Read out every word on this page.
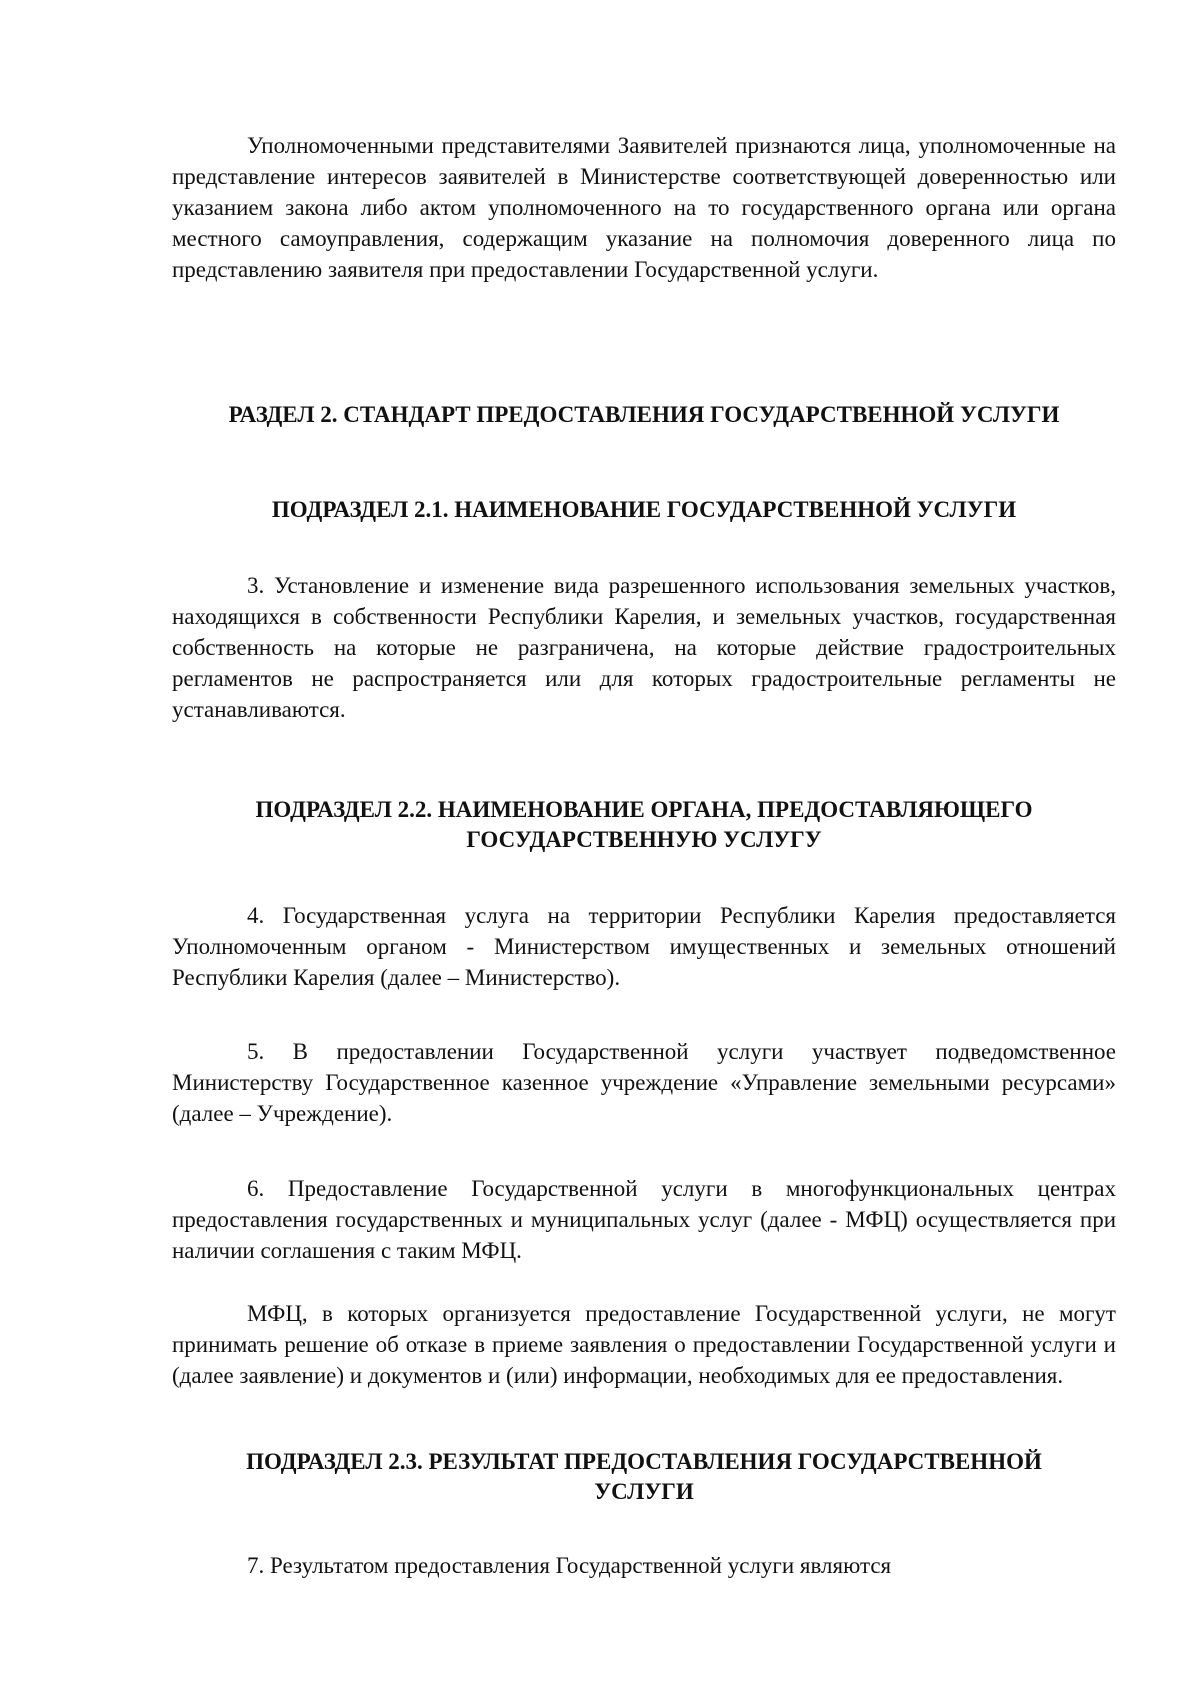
Уполномоченными представителями Заявителей признаются лица, уполномоченные на представление интересов заявителей в Министерстве соответствующей доверенностью или указанием закона либо актом уполномоченного на то государственного органа или органа местного самоуправления, содержащим указание на полномочия доверенного лица по представлению заявителя при предоставлении Государственной услуги.

РАЗДЕЛ 2. СТАНДАРТ ПРЕДОСТАВЛЕНИЯ ГОСУДАРСТВЕННОЙ УСЛУГИ
ПОДРАЗДЕЛ 2.1. НАИМЕНОВАНИЕ ГОСУДАРСТВЕННОЙ УСЛУГИ

3. Установление и изменение вида разрешенного использования земельных участков, находящихся в собственности Республики Карелия, и земельных участков, государственная собственность на которые не разграничена, на которые действие градостроительных регламентов не распространяется или для которых градостроительные регламенты не устанавливаются.

ПОДРАЗДЕЛ 2.2. НАИМЕНОВАНИЕ ОРГАНА, ПРЕДОСТАВЛЯЮЩЕГО
ГОСУДАРСТВЕННУЮ УСЛУГУ

4. Государственная услуга на территории Республики Карелия предоставляется Уполномоченным органом - Министерством имущественных и земельных отношений Республики Карелия (далее – Министерство).

5. В предоставлении Государственной услуги участвует подведомственное Министерству Государственное казенное учреждение «Управление земельными ресурсами» (далее – Учреждение).

6. Предоставление Государственной услуги в многофункциональных центрах предоставления государственных и муниципальных услуг (далее - МФЦ) осуществляется при наличии соглашения с таким МФЦ.

МФЦ, в которых организуется предоставление Государственной услуги, не могут принимать решение об отказе в приеме заявления о предоставлении Государственной услуги и (далее заявление) и документов и (или) информации, необходимых для ее предоставления.

ПОДРАЗДЕЛ 2.3. РЕЗУЛЬТАТ ПРЕДОСТАВЛЕНИЯ ГОСУДАРСТВЕННОЙ
УСЛУГИ

7. Результатом предоставления Государственной услуги являются
